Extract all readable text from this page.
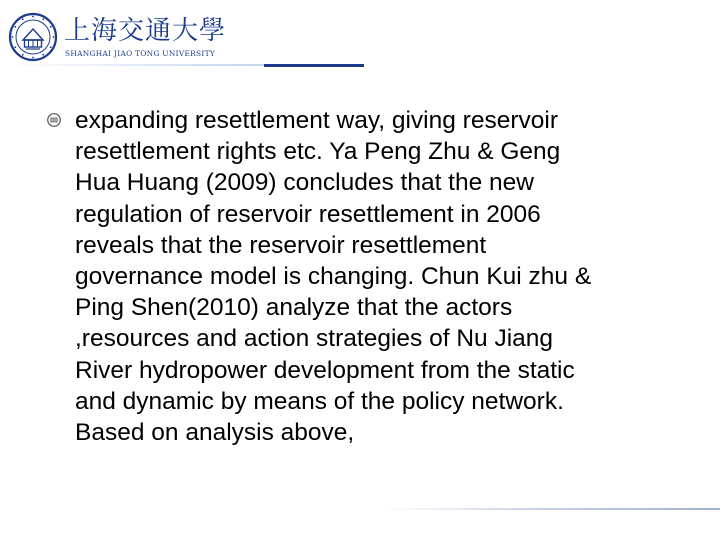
上海交通大學
SHANGHAI JIAO TONG UNIVERSITY
expanding resettlement way, giving reservoir
resettlement rights etc. Ya Peng Zhu & Geng
Hua Huang (2009) concludes that the new
regulation of reservoir resettlement in 2006
reveals that the reservoir resettlement
governance model is changing. Chun Kui zhu &
Ping Shen(2010) analyze that the actors
,resources and action strategies of Nu Jiang
River hydropower development from the static
and dynamic by means of the policy network.
Based on analysis above,
